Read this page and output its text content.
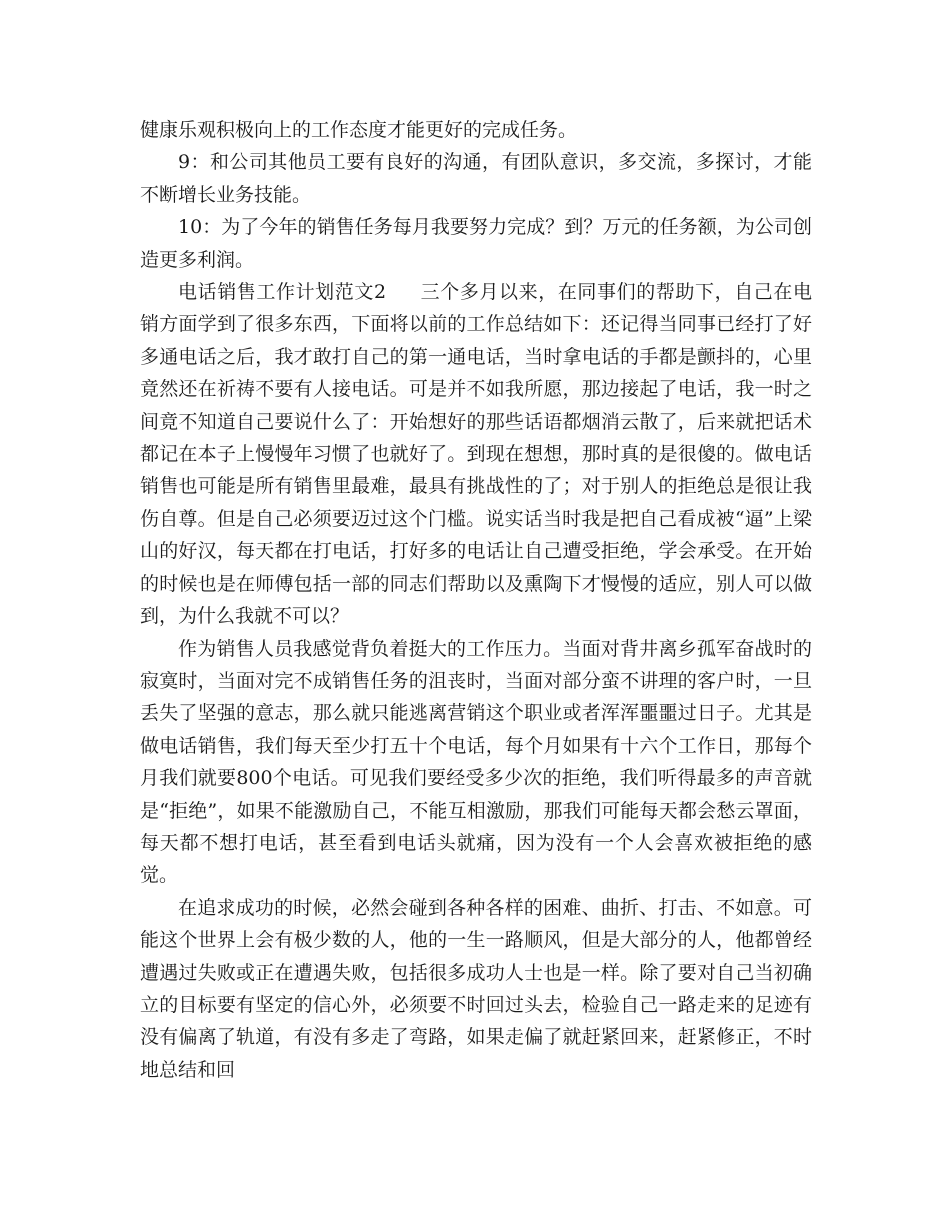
健康乐观积极向上的工作态度才能更好的完成任务。

9：和公司其他员工要有良好的沟通，有团队意识，多交流，多探讨，才能不断增长业务技能。

10：为了今年的销售任务每月我要努力完成？到？万元的任务额，为公司创造更多利润。

电话销售工作计划范文2 三个多月以来，在同事们的帮助下，自己在电销方面学到了很多东西，下面将以前的工作总结如下：还记得当同事已经打了好多通电话之后，我才敢打自己的第一通电话，当时拿电话的手都是颤抖的，心里竟然还在祈祷不要有人接电话。可是并不如我所愿，那边接起了电话，我一时之间竟不知道自己要说什么了：开始想好的那些话语都烟消云散了，后来就把话术都记在本子上慢慢年习惯了也就好了。到现在想想，那时真的是很傻的。做电话销售也可能是所有销售里最难，最具有挑战性的了；对于别人的拒绝总是很让我伤自尊。但是自己必须要迈过这个门槛。说实话当时我是把自己看成被“逼”上梁山的好汉，每天都在打电话，打好多的电话让自己遭受拒绝，学会承受。在开始的时候也是在师傅包括一部的同志们帮助以及熏陶下才慢慢的适应，别人可以做到，为什么我就不可以？

作为销售人员我感觉背负着挺大的工作压力。当面对背井离乡孤军奋战时的寂寞时，当面对完不成销售任务的沮丧时，当面对部分蛮不讲理的客户时，一旦丢失了坚强的意志，那么就只能逃离营销这个职业或者浑浑噩噩过日子。尤其是做电话销售，我们每天至少打五十个电话，每个月如果有十六个工作日，那每个月我们就要800个电话。可见我们要经受多少次的拒绝，我们听得最多的声音就是“拒绝”，如果不能激励自己，不能互相激励，那我们可能每天都会愁云罩面，每天都不想打电话，甚至看到电话头就痛，因为没有一个人会喜欢被拒绝的感觉。

在追求成功的时候，必然会碰到各种各样的困难、曲折、打击、不如意。可能这个世界上会有极少数的人，他的一生一路顺风，但是大部分的人，他都曾经遭遇过失败或正在遭遇失败，包括很多成功人士也是一样。除了要对自己当初确立的目标要有坚定的信心外，必须要不时回过头去，检验自己一路走来的足迹有没有偏离了轨道，有没有多走了弯路，如果走偏了就赶紧回来，赶紧修正，不时地总结和回
